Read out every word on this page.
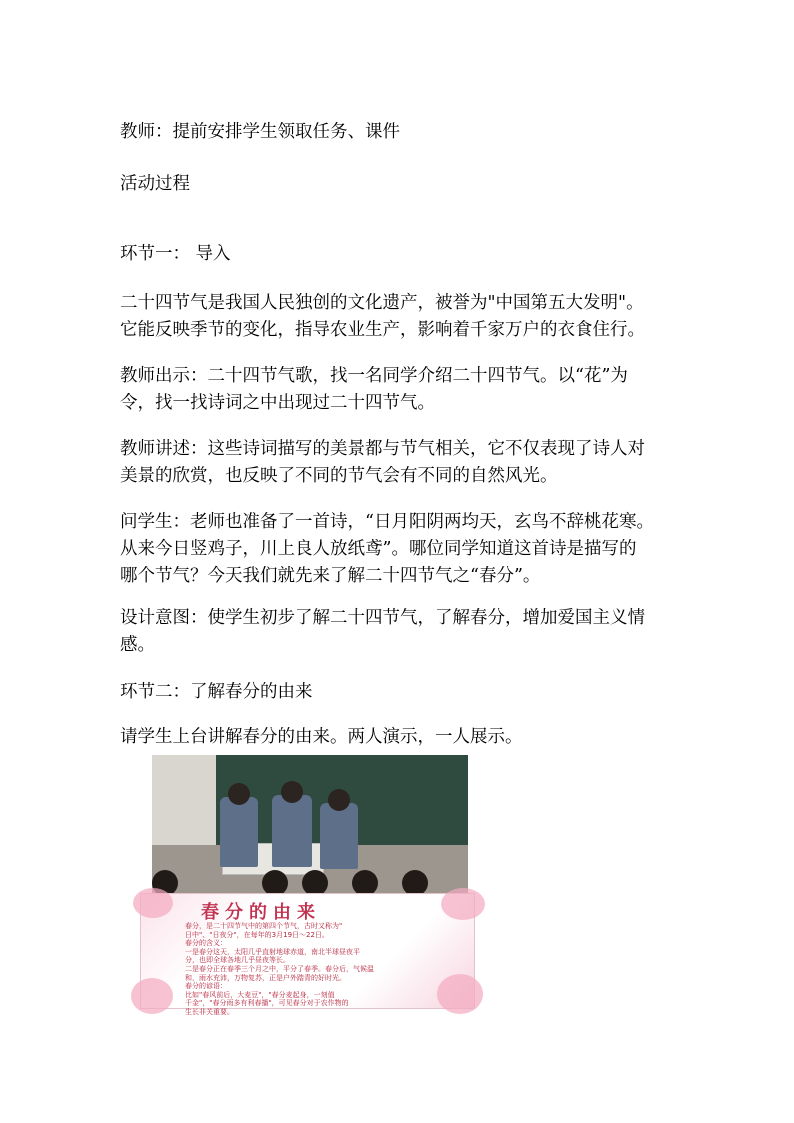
教师：提前安排学生领取任务、课件
活动过程
环节一： 导入
二十四节气是我国人民独创的文化遗产，被誉为"中国第五大发明"。
它能反映季节的变化，指导农业生产，影响着千家万户的衣食住行。
教师出示：二十四节气歌，找一名同学介绍二十四节气。以“花”为
令，找一找诗词之中出现过二十四节气。
教师讲述：这些诗词描写的美景都与节气相关，它不仅表现了诗人对
美景的欣赏，也反映了不同的节气会有不同的自然风光。
问学生：老师也准备了一首诗，“日月阳阴两均天，玄鸟不辞桃花寒。
从来今日竖鸡子，川上良人放纸鸢”。哪位同学知道这首诗是描写的
哪个节气？今天我们就先来了解二十四节气之“春分”。
设计意图：使学生初步了解二十四节气，了解春分，增加爱国主义情
感。
环节二：了解春分的由来
请学生上台讲解春分的由来。两人演示，一人展示。
春分的由来
春分，是二十四节气中的第四个节气，古时又称为"
日中"、"日夜分"，在每年的3月19日～22日。
春分的含义：
一是春分这天，太阳几乎直射地球赤道，南北半球昼夜平
分，也即全球各地几乎昼夜等长。
二是春分正在春季三个月之中，平分了春季。春分后，气候温
和，雨水充沛，万物复苏，正是户外踏青的好时光。
春分的谚语：
比如"春风前后，大麦豆"，"春分麦起身，一刻值
千金"，"春分雨多有利春播"，可见春分对于农作物的
生长非关重要。
